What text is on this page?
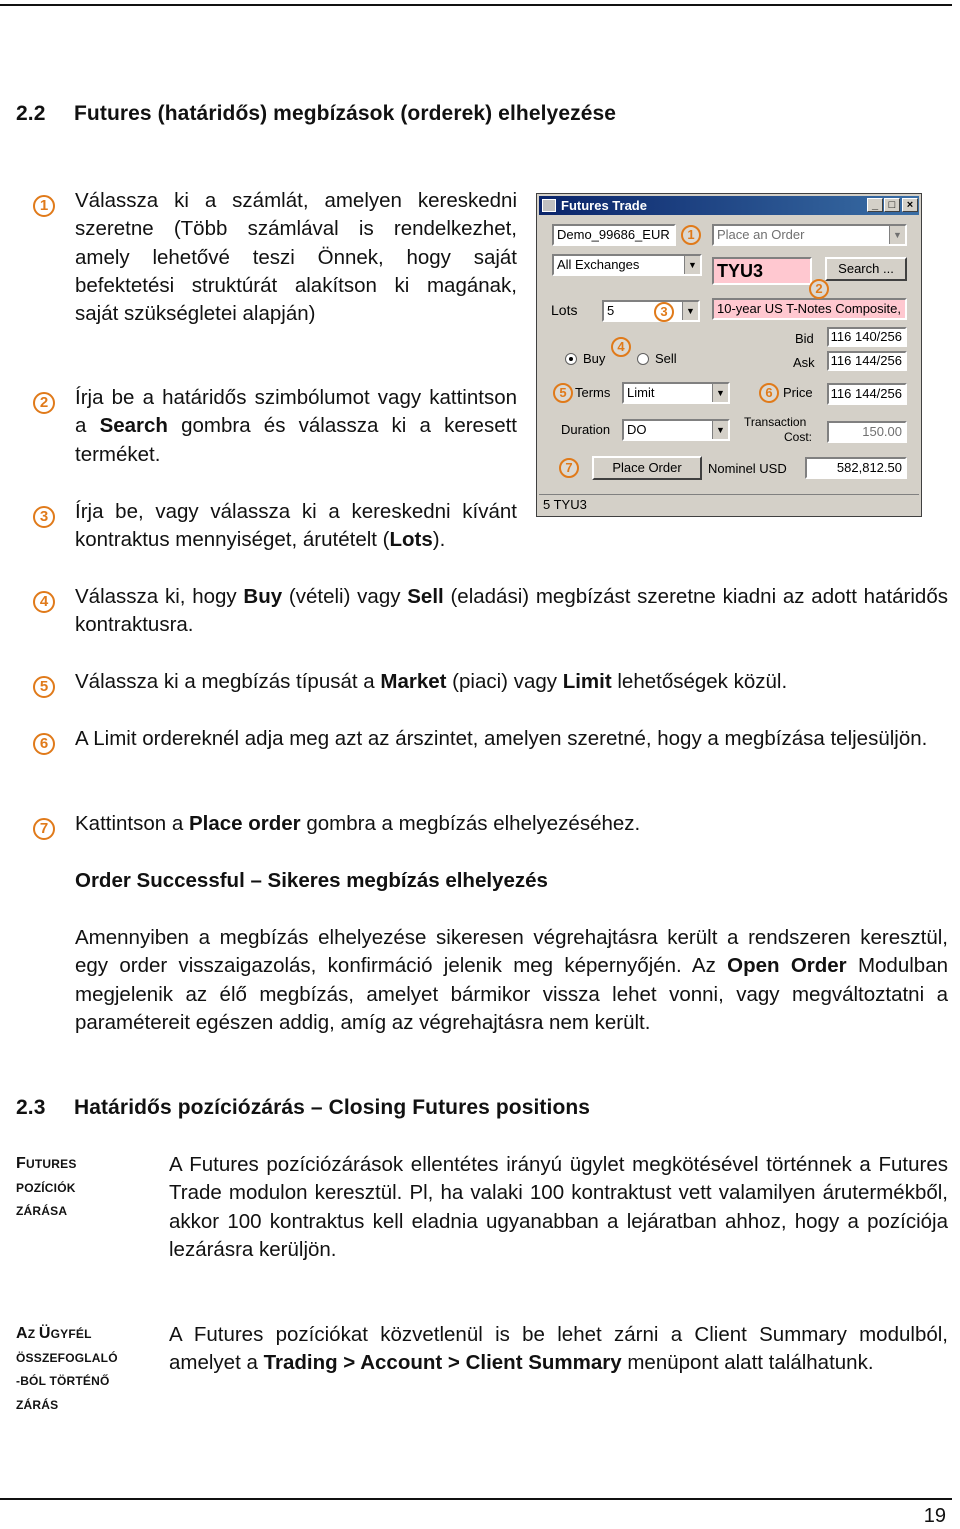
2.2 Futures (határidős) megbízások (orderek) elhelyezése
1	Válassza ki a számlát, amelyen kereskedni szeretne (Több számlával is rendelkezhet, amely lehetővé teszi Önnek, hogy saját befektetési struktúrát alakítson ki magának, saját szükségletei alapján)
2	Írja be a határidős szimbólumot vagy kattintson a Search gombra és válassza ki a keresett terméket.
3	Írja be, vagy válassza ki a kereskedni kívánt kontraktus mennyiséget, árutételt (Lots).
4	Válassza ki, hogy Buy (vételi) vagy Sell (eladási) megbízást szeretne kiadni az adott határidős kontraktusra.
5	Válassza ki a megbízás típusát a Market (piaci) vagy Limit lehetőségek közül.
6	A Limit ordereknél adja meg azt az árszintet, amelyen szeretné, hogy a megbízása teljesüljön.
7	Kattintson a Place order gombra a megbízás elhelyezéséhez.
Order Successful – Sikeres megbízás elhelyezés
Amennyiben a megbízás elhelyezése sikeresen végrehajtásra került a rendszeren keresztül, egy order visszaigazolás, konfirmáció jelenik meg képernyőjén. Az Open Order Modulban megjelenik az élő megbízás, amelyet bármikor vissza lehet vonni, vagy megváltoztatni a paramétereit egészen addig, amíg az végrehajtásra nem került.
2.3 Határidős pozíciózárás – Closing Futures positions
FUTURES
POZÍCIÓK
ZÁRÁSA
A Futures pozíciózárások ellentétes irányú ügylet megkötésével történnek a Futures Trade modulon keresztül. Pl, ha valaki 100 kontraktust vett valamilyen árutermékből, akkor 100 kontraktus kell eladnia ugyanabban a lejáratban ahhoz, hogy a pozíciója lezárásra kerüljön.
AZ ÜGYFÉL
ÖSSZEFOGLALÓ
-BÓL TÖRTÉNŐ
ZÁRÁS
A Futures pozíciókat közvetlenül is be lehet zárni a Client Summary modulból, amelyet a Trading > Account > Client Summary menüpont alatt találhatunk.
19
Futures Trade	_ □	×
Demo_99686_EUR	Place an Order	▼
All Exchanges	▼ TYU3	Search ...
Lots	5	▼	10-year US T-Notes Composite,
Bid 116 140/256
Ask 116 144/256
Buy	Sell
Terms	Limit	▼	Price 116 144/256
Duration	DO	▼
Transaction
Cost:	150.00
Place Order	Nominel USD	582,812.50
5 TYU3
1
2
3
4
5	6
7
